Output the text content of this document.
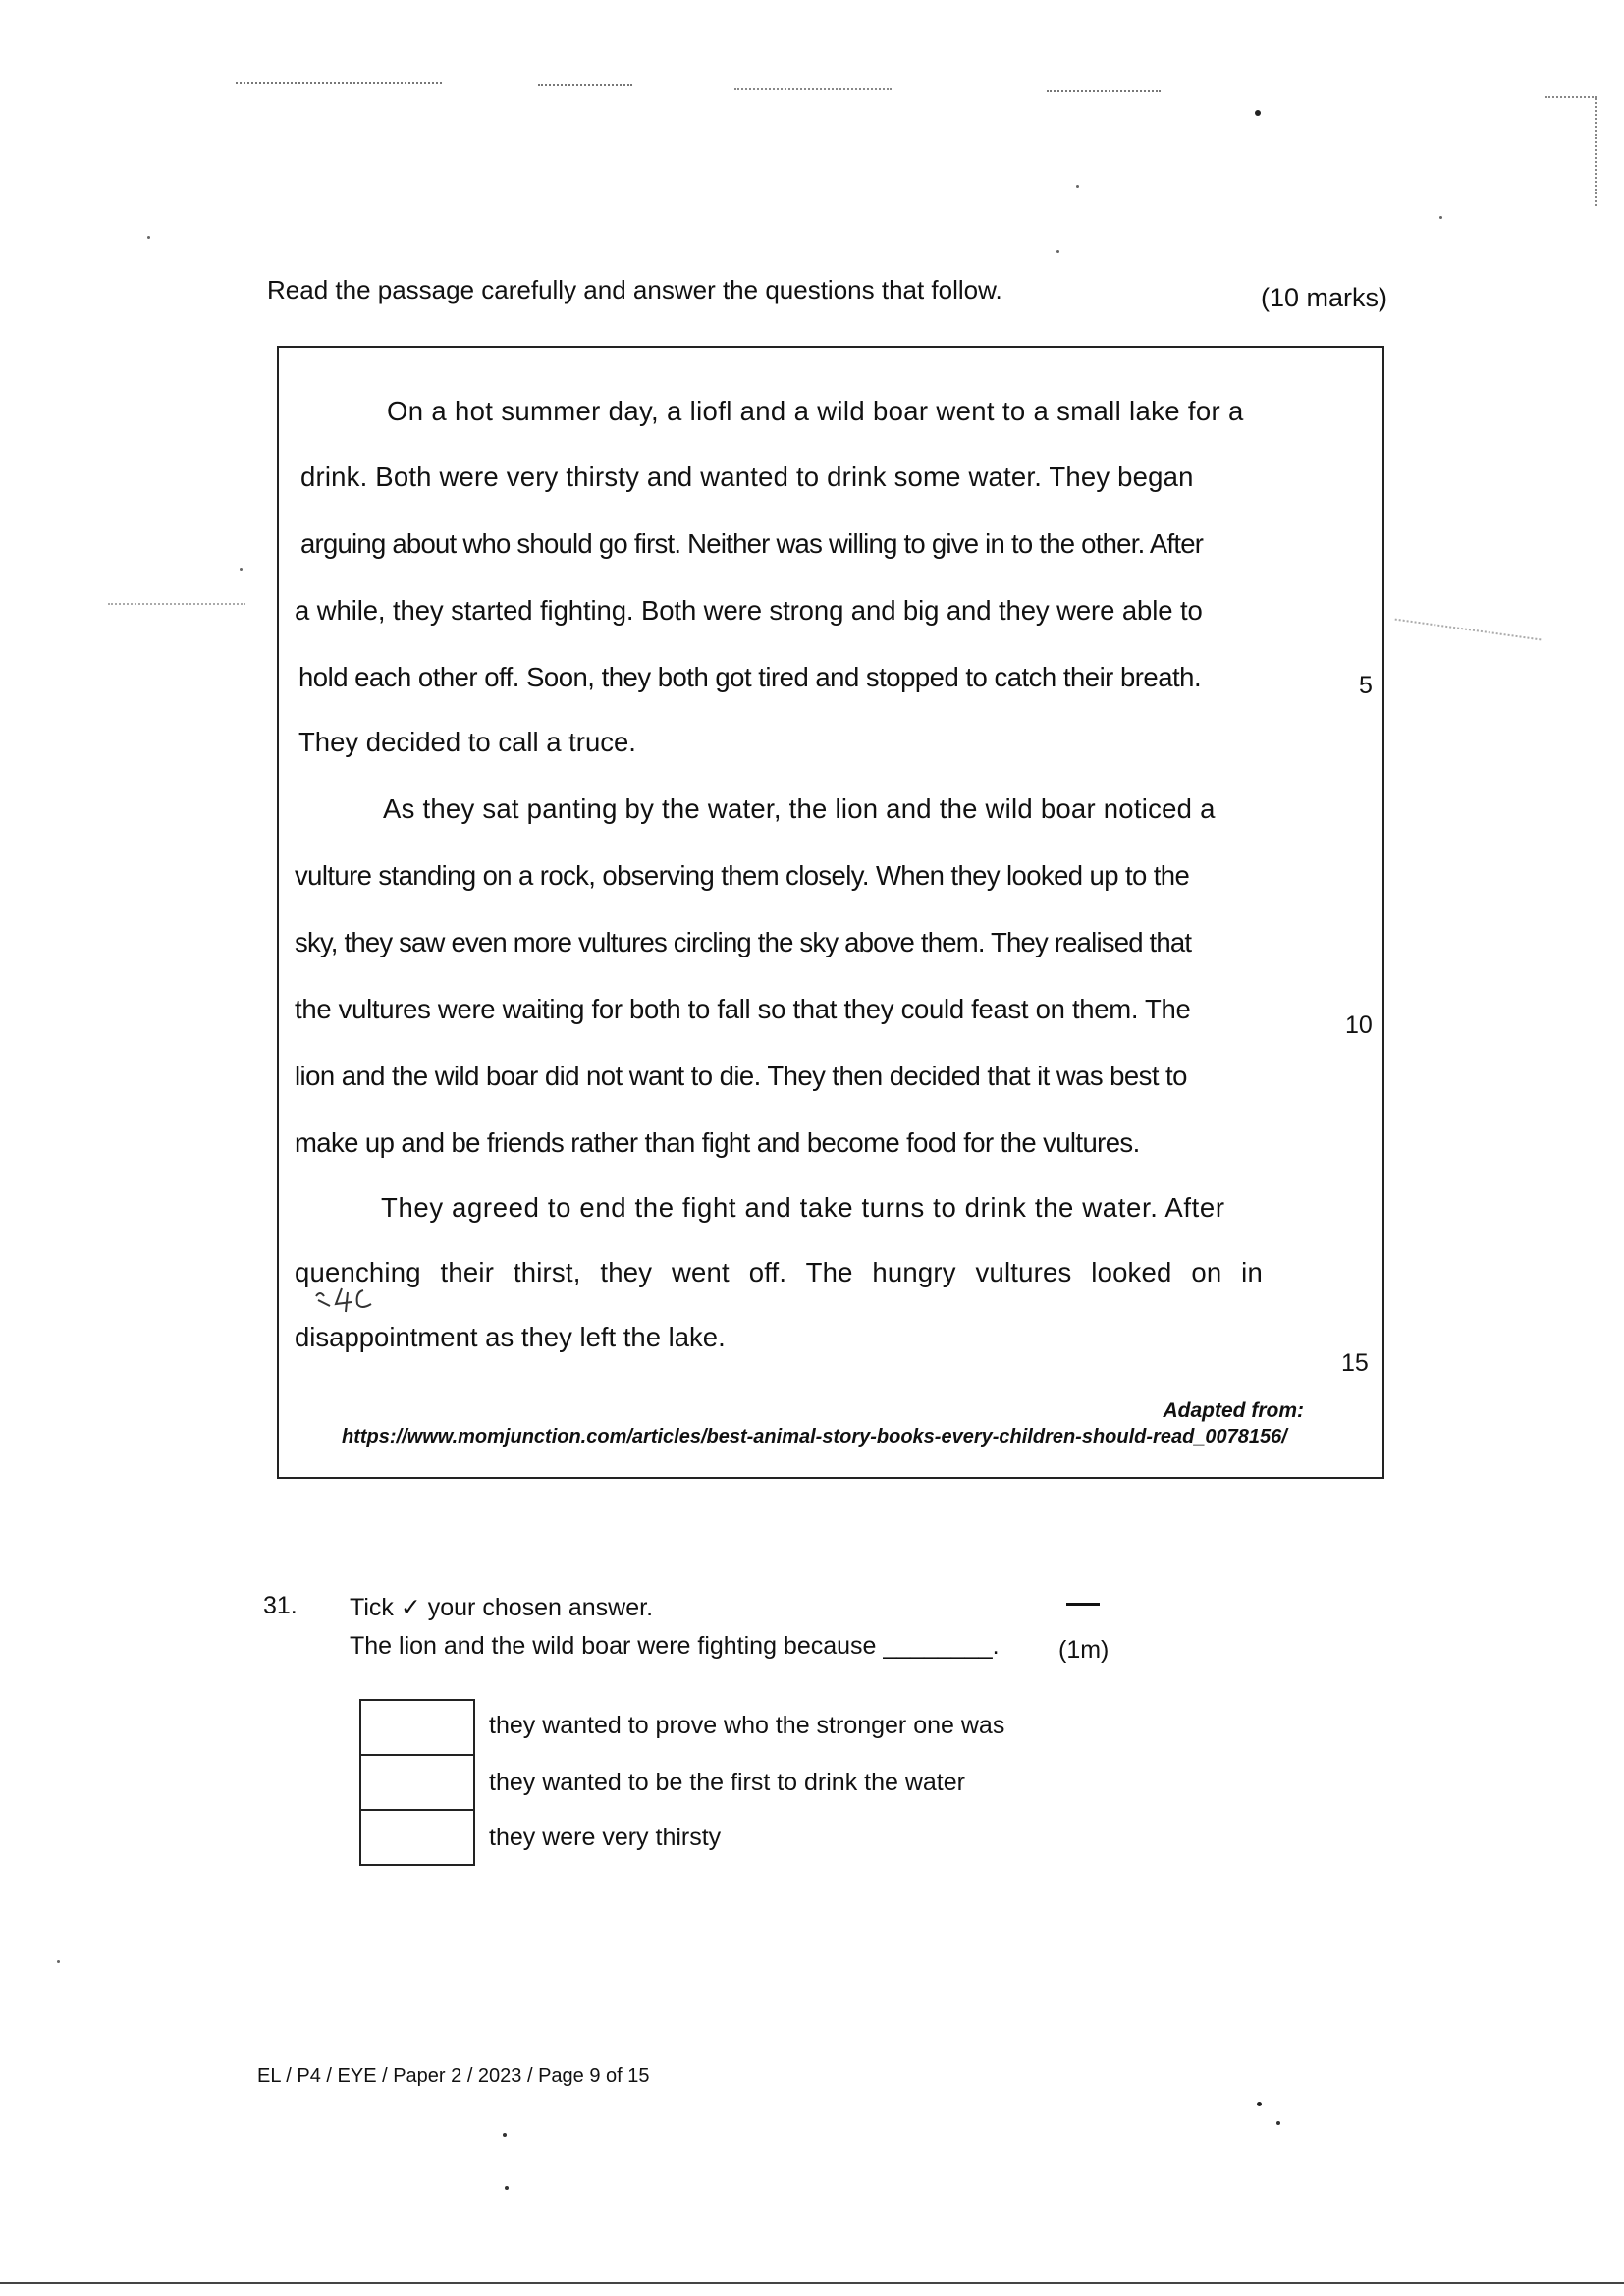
Read the passage carefully and answer the questions that follow.	(10 marks)
On a hot summer day, a liofl and a wild boar went to a small lake for a
drink. Both were very thirsty and wanted to drink some water. They began
arguing about who should go first. Neither was willing to give in to the other. After
a while, they started fighting. Both were strong and big and they were able to
hold each other off. Soon, they both got tired and stopped to catch their breath.
They decided to call a truce.
As they sat panting by the water, the lion and the wild boar noticed a
vulture standing on a rock, observing them closely. When they looked up to the
sky, they saw even more vultures circling the sky above them. They realised that
the vultures were waiting for both to fall so that they could feast on them. The
lion and the wild boar did not want to die. They then decided that it was best to
make up and be friends rather than fight and become food for the vultures.
They agreed to end the fight and take turns to drink the water. After
quenching their thirst, they went off. The hungry vultures looked on in
disappointment as they left the lake.
5
10
15
Adapted from:
https://www.momjunction.com/articles/best-animal-story-books-every-children-should-read_0078156/
31. Tick ✓ your chosen answer.
The lion and the wild boar were fighting because ________. (1m)
they wanted to prove who the stronger one was
they wanted to be the first to drink the water
they were very thirsty
EL / P4 / EYE / Paper 2 / 2023 / Page 9 of 15
